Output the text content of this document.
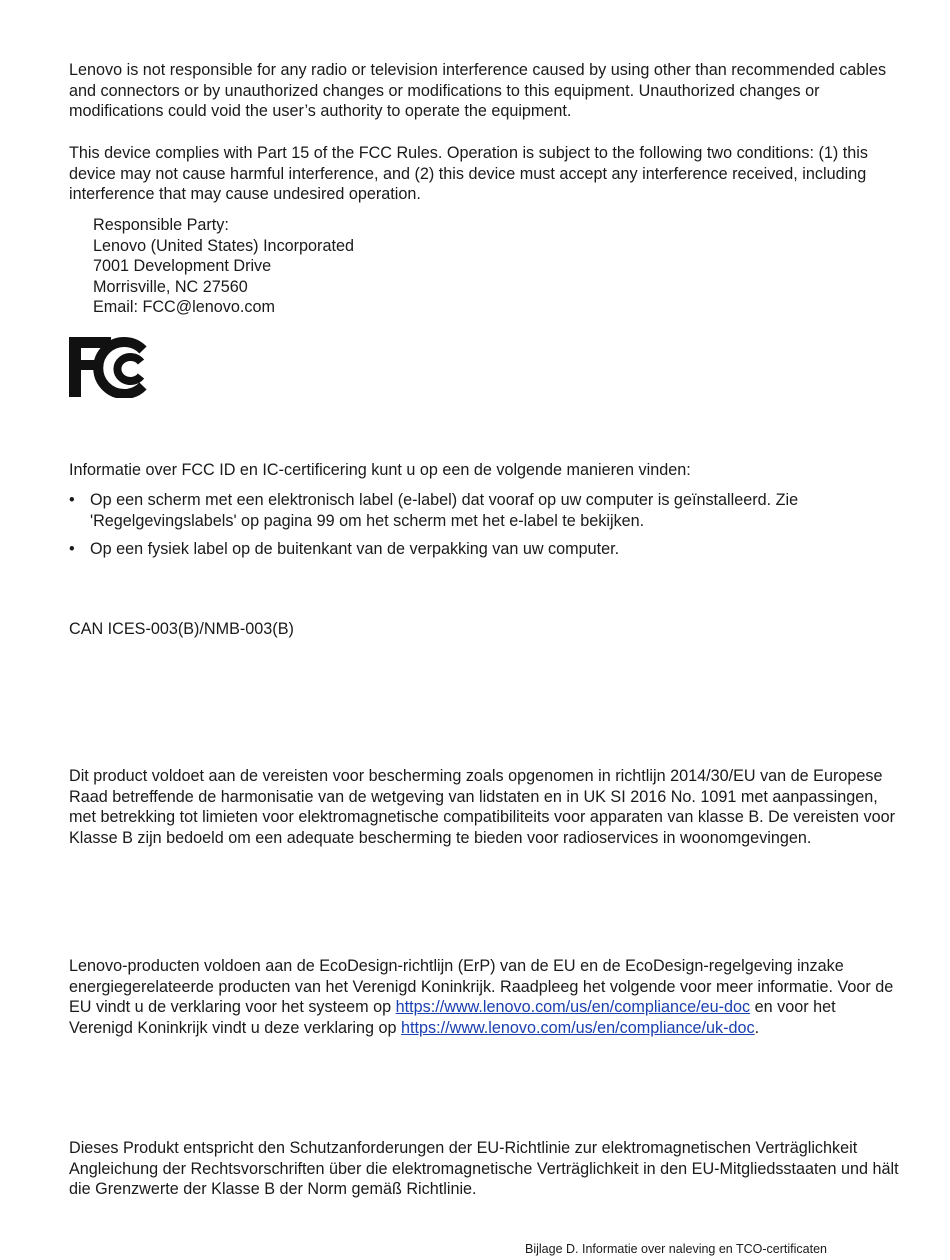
Lenovo is not responsible for any radio or television interference caused by using other than recommended cables and connectors or by unauthorized changes or modifications to this equipment. Unauthorized changes or modifications could void the user’s authority to operate the equipment.

This device complies with Part 15 of the FCC Rules. Operation is subject to the following two conditions: (1) this device may not cause harmful interference, and (2) this device must accept any interference received, including interference that may cause undesired operation.

Responsible Party:
Lenovo (United States) Incorporated
7001 Development Drive
Morrisville, NC 27560
Email: FCC@lenovo.com

Informatie over FCC ID en IC-certificering kunt u op een de volgende manieren vinden:

• Op een scherm met een elektronisch label (e-label) dat vooraf op uw computer is geïnstalleerd. Zie 'Regelgevingslabels' op pagina 99 om het scherm met het e-label te bekijken.
• Op een fysiek label op de buitenkant van de verpakking van uw computer.

CAN ICES-003(B)/NMB-003(B)

Dit product voldoet aan de vereisten voor bescherming zoals opgenomen in richtlijn 2014/30/EU van de Europese Raad betreffende de harmonisatie van de wetgeving van lidstaten en in UK SI 2016 No. 1091 met aanpassingen, met betrekking tot limieten voor elektromagnetische compatibiliteits voor apparaten van klasse B. De vereisten voor Klasse B zijn bedoeld om een adequate bescherming te bieden voor radioservices in woonomgevingen.

Lenovo-producten voldoen aan de EcoDesign-richtlijn (ErP) van de EU en de EcoDesign-regelgeving inzake energiegerelateerde producten van het Verenigd Koninkrijk. Raadpleeg het volgende voor meer informatie. Voor de EU vindt u de verklaring voor het systeem op https://www.lenovo.com/us/en/compliance/eu-doc en voor het Verenigd Koninkrijk vindt u deze verklaring op https://www.lenovo.com/us/en/compliance/uk-doc.

Dieses Produkt entspricht den Schutzanforderungen der EU-Richtlinie zur elektromagnetischen Verträglichkeit Angleichung der Rechtsvorschriften über die elektromagnetische Verträglichkeit in den EU-Mitgliedsstaaten und hält die Grenzwerte der Klasse B der Norm gemäß Richtlinie.

Bijlage D. Informatie over naleving en TCO-certificaten
